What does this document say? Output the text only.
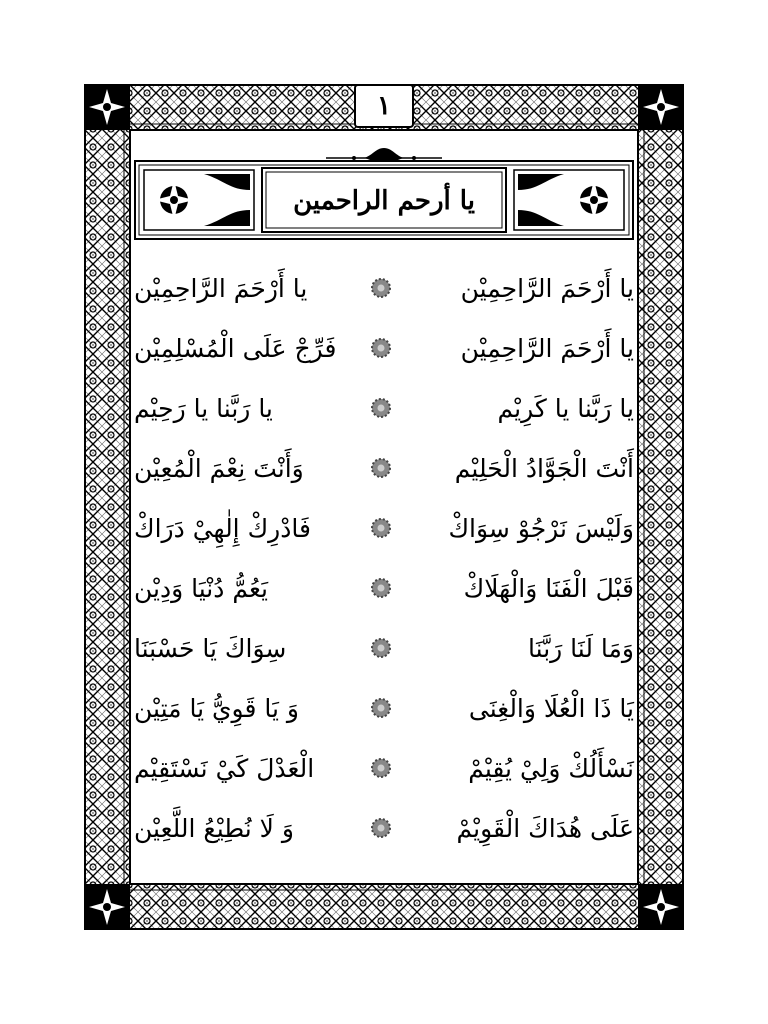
١
يا أرحم الراحمين
يا أَرْحَمَ الرَّاحِمِيْن
يا أَرْحَمَ الرَّاحِمِيْن
يا أَرْحَمَ الرَّاحِمِيْن
فَرِّجْ عَلَى الْمُسْلِمِيْن
يا رَبَّنا يا كَرِيْم
يا رَبَّنا يا رَحِيْم
أَنْتَ الْجَوَّادُ الْحَلِيْم
وَأَنْتَ نِعْمَ الْمُعِيْن
وَلَيْسَ نَرْجُوْ سِوَاكْ
فَادْرِكْ إِلٰهِيْ دَرَاكْ
قَبْلَ الْفَنَا وَالْهَلَاكْ
يَعُمُّ دُنْيَا وَدِيْن
وَمَا لَنَا رَبَّنَا
سِوَاكَ يَا حَسْبَنَا
يَا ذَا الْعُلَا وَالْغِنَى
وَ يَا قَوِيُّ يَا مَتِيْن
نَسْأَلُكْ وَلِيْ يُقِيْمْ
الْعَدْلَ كَيْ نَسْتَقِيْم
عَلَى هُدَاكَ الْقَوِيْمْ
وَ لَا نُطِيْعُ اللَّعِيْن
